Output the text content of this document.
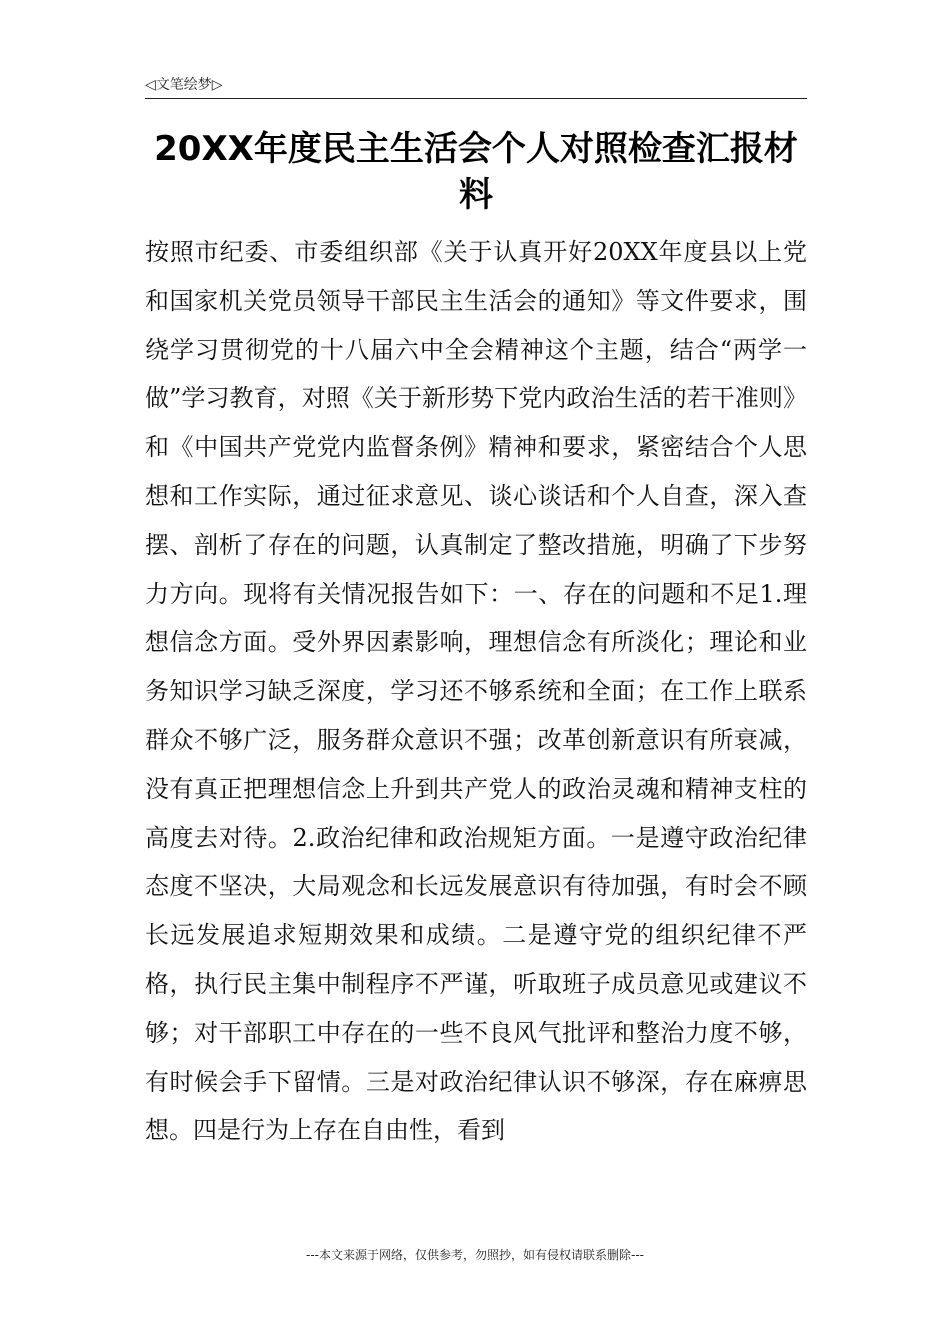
◁文笔绘梦▷
20XX年度民主生活会个人对照检查汇报材料

按照市纪委、市委组织部《关于认真开好20XX年度县以上党和国家机关党员领导干部民主生活会的通知》等文件要求，围绕学习贯彻党的十八届六中全会精神这个主题，结合“两学一做”学习教育，对照《关于新形势下党内政治生活的若干准则》和《中国共产党党内监督条例》精神和要求，紧密结合个人思想和工作实际，通过征求意见、谈心谈话和个人自查，深入查摆、剖析了存在的问题，认真制定了整改措施，明确了下步努力方向。现将有关情况报告如下：一、存在的问题和不足1.理想信念方面。受外界因素影响，理想信念有所淡化；理论和业务知识学习缺乏深度，学习还不够系统和全面；在工作上联系群众不够广泛，服务群众意识不强；改革创新意识有所衰减，没有真正把理想信念上升到共产党人的政治灵魂和精神支柱的高度去对待。2.政治纪律和政治规矩方面。一是遵守政治纪律态度不坚决，大局观念和长远发展意识有待加强，有时会不顾长远发展追求短期效果和成绩。二是遵守党的组织纪律不严格，执行民主集中制程序不严谨，听取班子成员意见或建议不够；对干部职工中存在的一些不良风气批评和整治力度不够，有时候会手下留情。三是对政治纪律认识不够深，存在麻痹思想。四是行为上存在自由性，看到

---本文来源于网络，仅供参考，勿照抄，如有侵权请联系删除---
